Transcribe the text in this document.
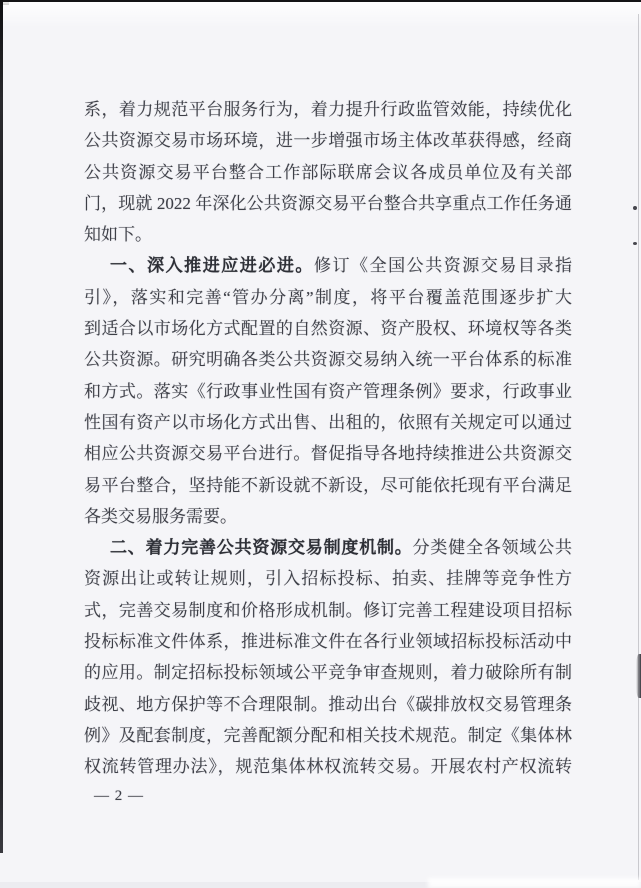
系，着力规范平台服务行为，着力提升行政监管效能，持续优化
公共资源交易市场环境，进一步增强市场主体改革获得感，经商
公共资源交易平台整合工作部际联席会议各成员单位及有关部
门，现就 2022 年深化公共资源交易平台整合共享重点工作任务通
知如下。
一、深入推进应进必进。修订《全国公共资源交易目录指
引》，落实和完善“管办分离”制度，将平台覆盖范围逐步扩大
到适合以市场化方式配置的自然资源、资产股权、环境权等各类
公共资源。研究明确各类公共资源交易纳入统一平台体系的标准
和方式。落实《行政事业性国有资产管理条例》要求，行政事业
性国有资产以市场化方式出售、出租的，依照有关规定可以通过
相应公共资源交易平台进行。督促指导各地持续推进公共资源交
易平台整合，坚持能不新设就不新设，尽可能依托现有平台满足
各类交易服务需要。
二、着力完善公共资源交易制度机制。分类健全各领域公共
资源出让或转让规则，引入招标投标、拍卖、挂牌等竞争性方
式，完善交易制度和价格形成机制。修订完善工程建设项目招标
投标标准文件体系，推进标准文件在各行业领域招标投标活动中
的应用。制定招标投标领域公平竞争审查规则，着力破除所有制
歧视、地方保护等不合理限制。推动出台《碳排放权交易管理条
例》及配套制度，完善配额分配和相关技术规范。制定《集体林
权流转管理办法》，规范集体林权流转交易。开展农村产权流转
— 2 —
